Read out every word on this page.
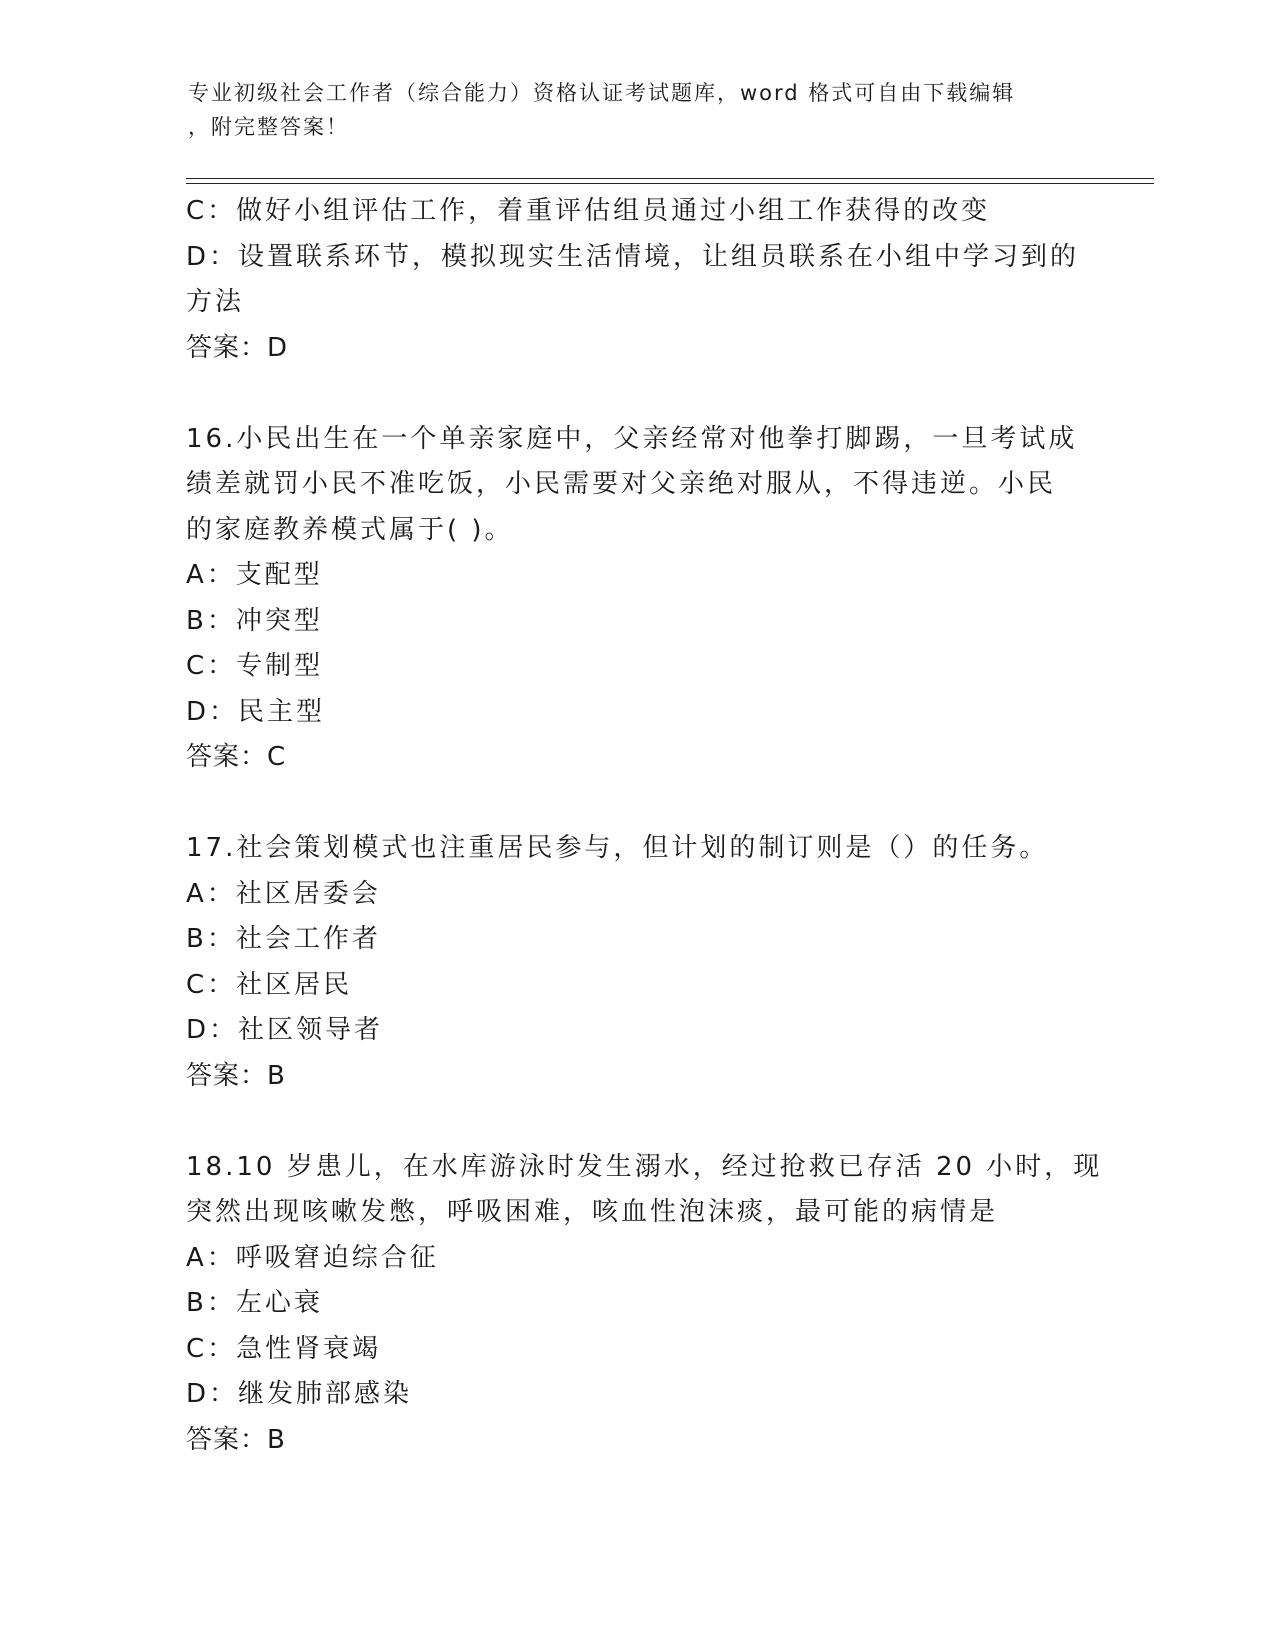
专业初级社会工作者（综合能力）资格认证考试题库，word 格式可自由下载编辑
，附完整答案！
C：做好小组评估工作，着重评估组员通过小组工作获得的改变
D：设置联系环节，模拟现实生活情境，让组员联系在小组中学习到的
方法
答案：D
16.小民出生在一个单亲家庭中，父亲经常对他拳打脚踢，一旦考试成
绩差就罚小民不准吃饭，小民需要对父亲绝对服从，不得违逆。小民
的家庭教养模式属于( )。
A：支配型
B：冲突型
C：专制型
D：民主型
答案：C
17.社会策划模式也注重居民参与，但计划的制订则是（）的任务。
A：社区居委会
B：社会工作者
C：社区居民
D：社区领导者
答案：B
18.10 岁患儿，在水库游泳时发生溺水，经过抢救已存活 20 小时，现
突然出现咳嗽发憋，呼吸困难，咳血性泡沫痰，最可能的病情是
A：呼吸窘迫综合征
B：左心衰
C：急性肾衰竭
D：继发肺部感染
答案：B
